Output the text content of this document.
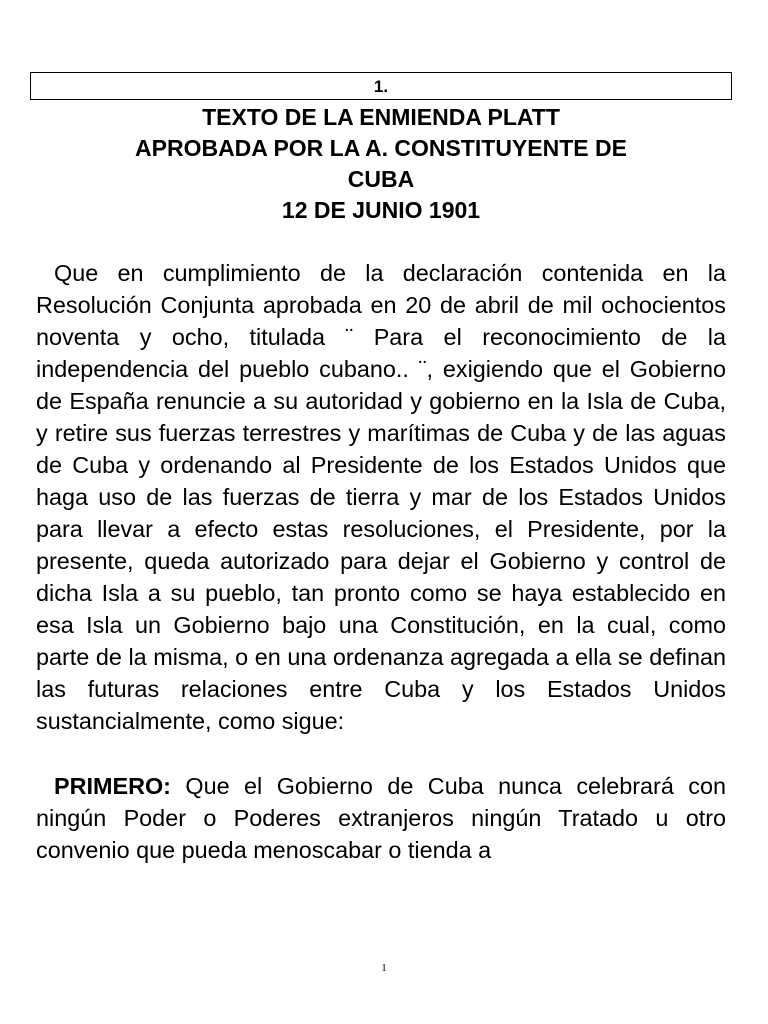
1.

TEXTO DE LA ENMIENDA PLATT

APROBADA POR LA A. CONSTITUYENTE DE

CUBA

12 DE JUNIO 1901

Que en cumplimiento de la declaración contenida en la Resolución Conjunta aprobada en 20 de abril de mil ochocientos noventa y ocho, titulada ¨ Para el reconocimiento de la independencia del pueblo cubano.. ¨, exigiendo que el Gobierno de España renuncie a su autoridad y gobierno en la Isla de Cuba, y retire sus fuerzas terrestres y marítimas de Cuba y de las aguas de Cuba y ordenando al Presidente de los Estados Unidos que haga uso de las fuerzas de tierra y mar de los Estados Unidos para llevar a efecto estas resoluciones, el Presidente, por la presente, queda autorizado para dejar el Gobierno y control de dicha Isla a su pueblo, tan pronto como se haya establecido en esa Isla un Gobierno bajo una Constitución, en la cual, como parte de la misma, o en una ordenanza agregada a ella se definan las futuras relaciones entre Cuba y los Estados Unidos sustancialmente, como sigue:

PRIMERO: Que el Gobierno de Cuba nunca celebrará con ningún Poder o Poderes extranjeros ningún Tratado u otro convenio que pueda menoscabar o tienda a

1
